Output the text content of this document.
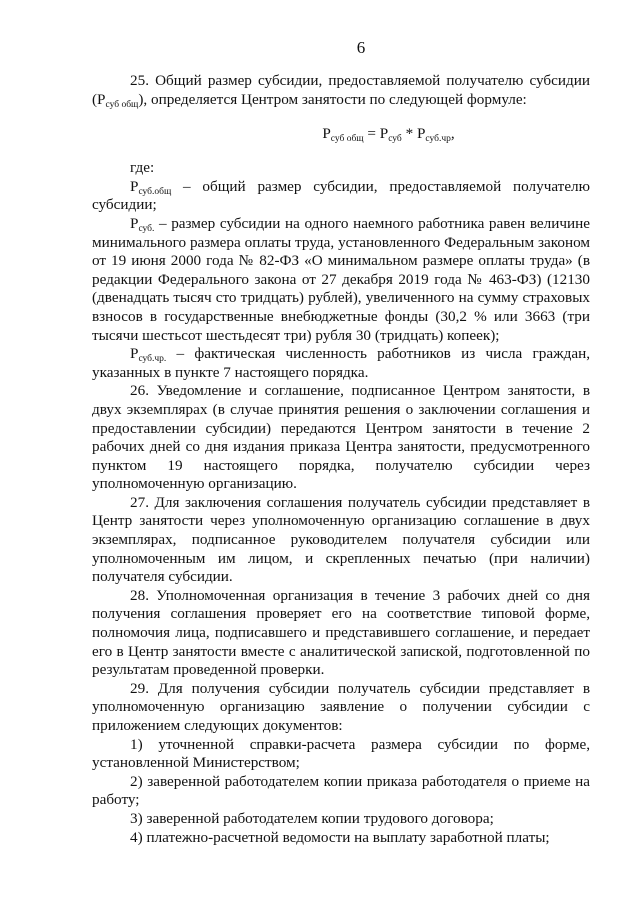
6

25. Общий размер субсидии, предоставляемой получателю субсидии $(Р_{суб общ})$, определяется Центром занятости по следующей формуле:

$Р_{суб общ} = Р_{суб} * Р_{суб.чр}$,
где:

$Р_{суб.общ}$ – общий размер субсидии, предоставляемой получателю субсидии;

$Р_{суб.}$ – размер субсидии на одного наемного работника равен величине минимального размера оплаты труда, установленного Федеральным законом от 19 июня 2000 года № 82-ФЗ «О минимальном размере оплаты труда» (в редакции Федерального закона от 27 декабря 2019 года № 463-ФЗ) (12130 (двенадцать тысяч сто тридцать) рублей), увеличенного на сумму страховых взносов в государственные внебюджетные фонды (30,2 % или 3663 (три тысячи шестьсот шестьдесят три) рубля 30 (тридцать) копеек);

$Р_{суб.чр.}$ – фактическая численность работников из числа граждан, указанных в пункте 7 настоящего порядка.

26. Уведомление и соглашение, подписанное Центром занятости, в двух экземплярах (в случае принятия решения о заключении соглашения и предоставлении субсидии) передаются Центром занятости в течение 2 рабочих дней со дня издания приказа Центра занятости, предусмотренного пунктом 19 настоящего порядка, получателю субсидии через уполномоченную организацию.

27. Для заключения соглашения получатель субсидии представляет в Центр занятости через уполномоченную организацию соглашение в двух экземплярах, подписанное руководителем получателя субсидии или уполномоченным им лицом, и скрепленных печатью (при наличии) получателя субсидии.

28. Уполномоченная организация в течение 3 рабочих дней со дня получения соглашения проверяет его на соответствие типовой форме, полномочия лица, подписавшего и представившего соглашение, и передает его в Центр занятости вместе с аналитической запиской, подготовленной по результатам проведенной проверки.

29. Для получения субсидии получатель субсидии представляет в уполномоченную организацию заявление о получении субсидии с приложением следующих документов:

1) уточненной справки-расчета размера субсидии по форме, установленной Министерством;

2) заверенной работодателем копии приказа работодателя о приеме на работу;

3) заверенной работодателем копии трудового договора;

4) платежно-расчетной ведомости на выплату заработной платы;
